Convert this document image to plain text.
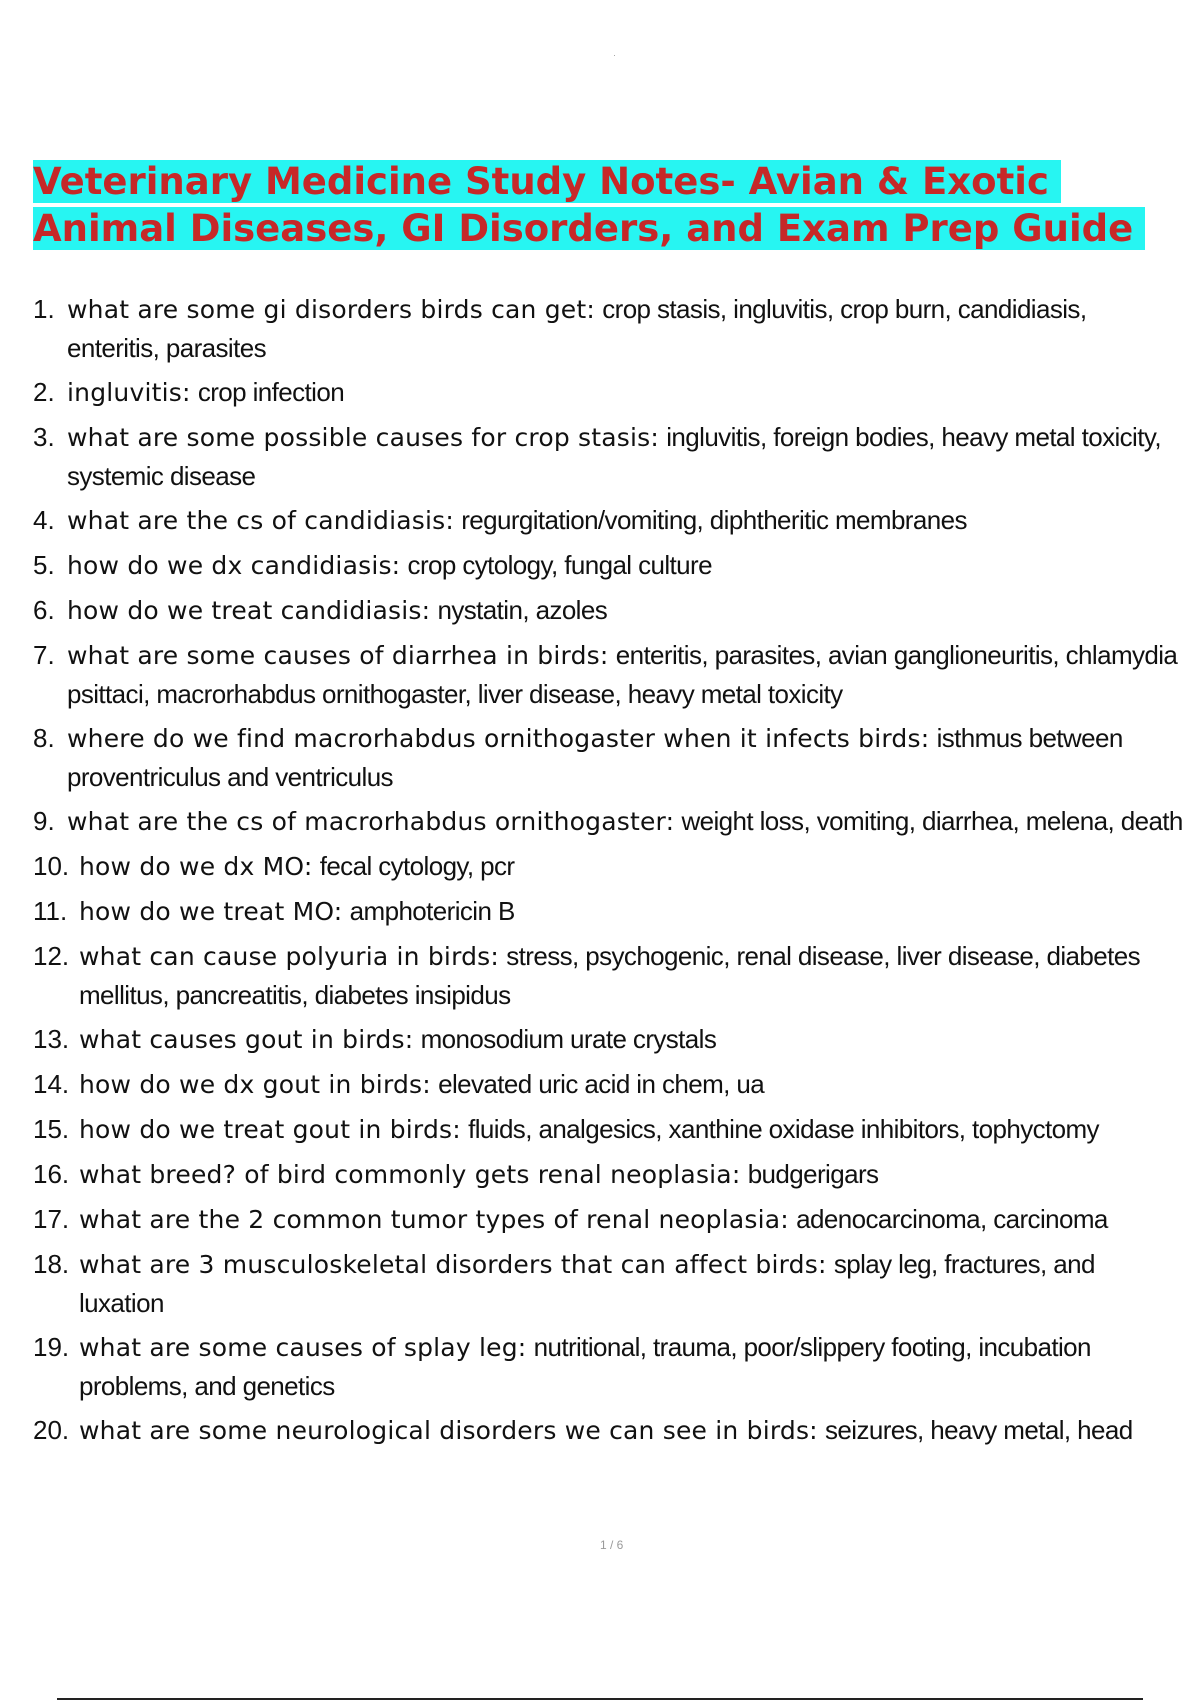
·
Veterinary Medicine Study Notes- Avian & Exotic Animal Diseases, GI Disorders, and Exam Prep Guide
1. what are some gi disorders birds can get: crop stasis, ingluvitis, crop burn, candidiasis, enteritis, parasites
2. ingluvitis: crop infection
3. what are some possible causes for crop stasis: ingluvitis, foreign bodies, heavy metal toxicity, systemic disease
4. what are the cs of candidiasis: regurgitation/vomiting, diphtheritic membranes
5. how do we dx candidiasis: crop cytology, fungal culture
6. how do we treat candidiasis: nystatin, azoles
7. what are some causes of diarrhea in birds: enteritis, parasites, avian ganglioneuritis, chlamydia psittaci, macrorhabdus ornithogaster, liver disease, heavy metal toxicity
8. where do we find macrorhabdus ornithogaster when it infects birds: isthmus between proventriculus and ventriculus
9. what are the cs of macrorhabdus ornithogaster: weight loss, vomiting, diarrhea, melena, death
10. how do we dx MO: fecal cytology, pcr
11. how do we treat MO: amphotericin B
12. what can cause polyuria in birds: stress, psychogenic, renal disease, liver disease, diabetes mellitus, pancreatitis, diabetes insipidus
13. what causes gout in birds: monosodium urate crystals
14. how do we dx gout in birds: elevated uric acid in chem, ua
15. how do we treat gout in birds: fluids, analgesics, xanthine oxidase inhibitors, tophyctomy
16. what breed? of bird commonly gets renal neoplasia: budgerigars
17. what are the 2 common tumor types of renal neoplasia: adenocarcinoma, carcinoma
18. what are 3 musculoskeletal disorders that can affect birds: splay leg, fractures, and luxation
19. what are some causes of splay leg: nutritional, trauma, poor/slippery footing, incubation problems, and genetics
20. what are some neurological disorders we can see in birds: seizures, heavy metal, head
1 / 6
